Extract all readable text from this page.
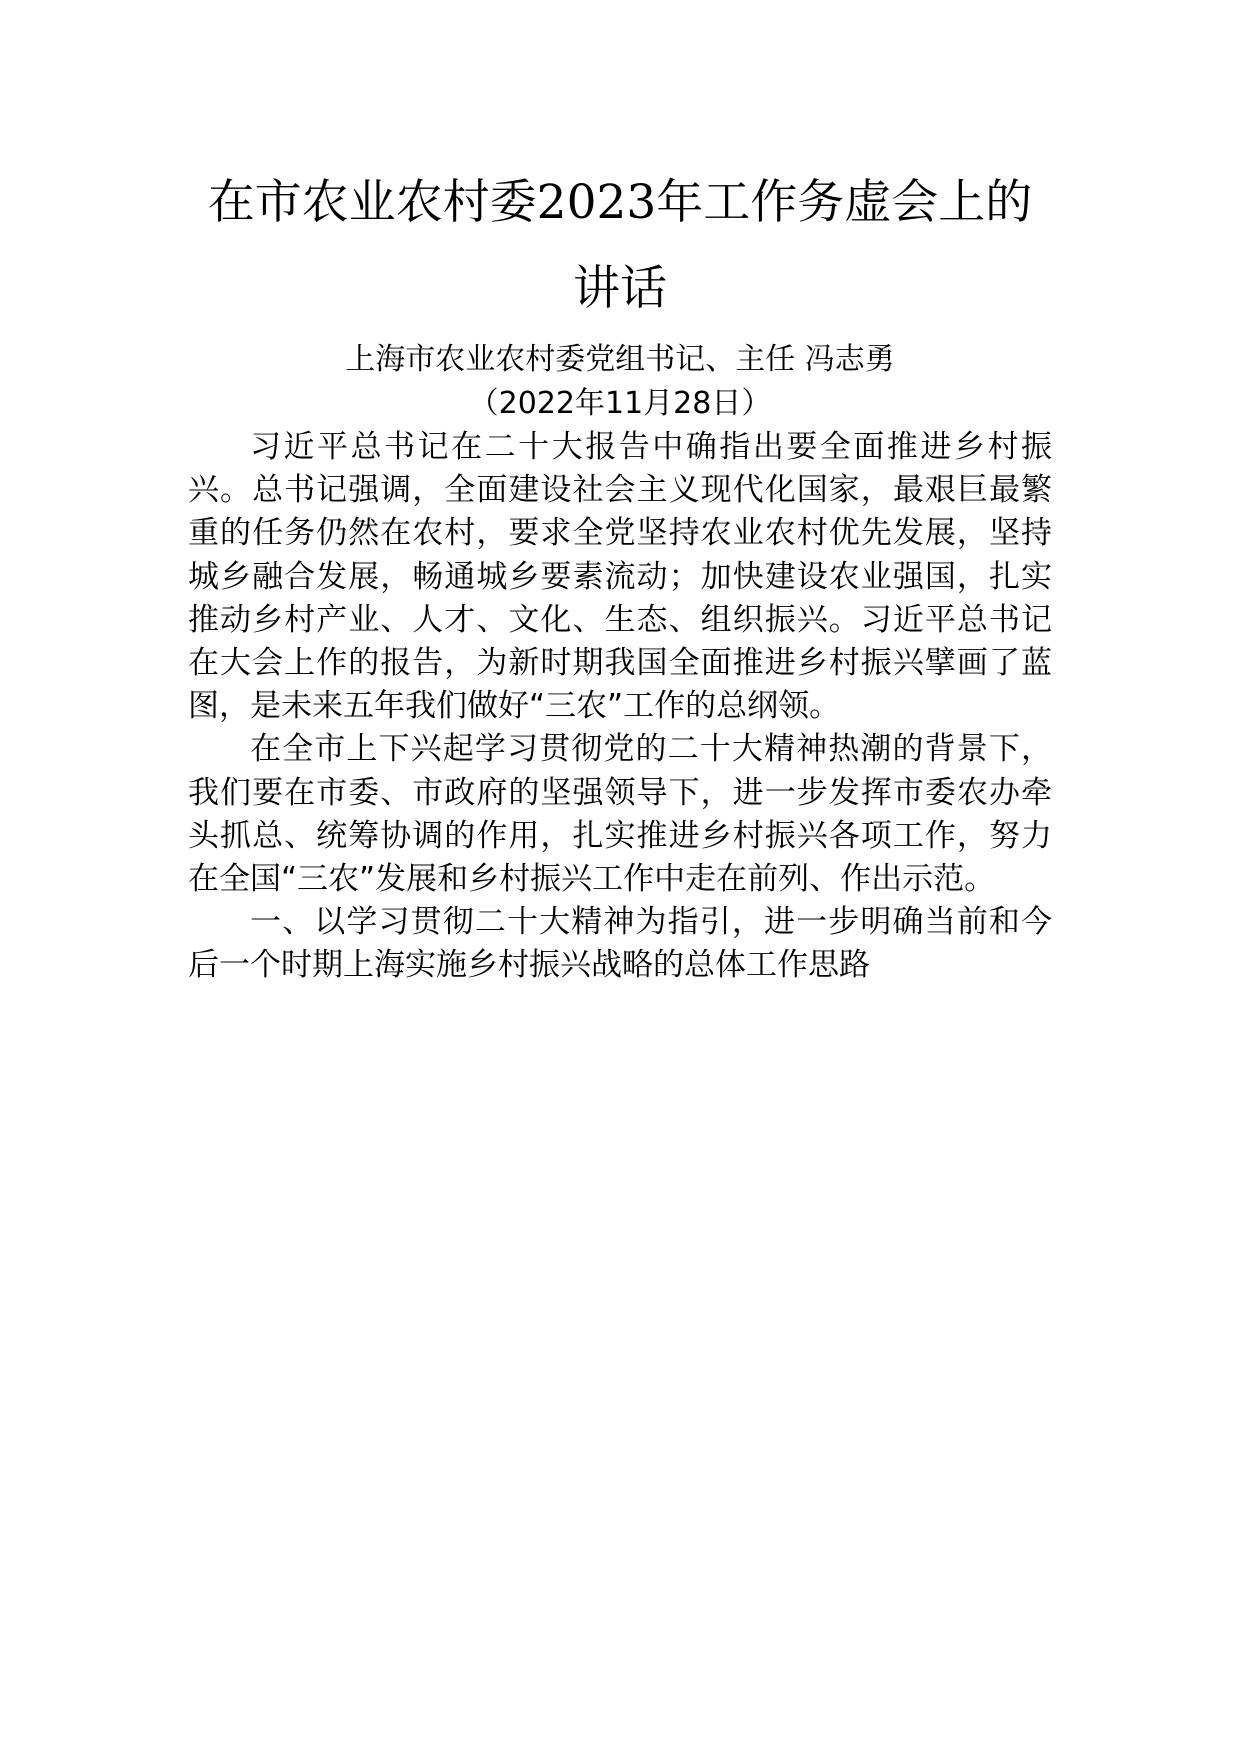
在市农业农村委2023年工作务虚会上的讲话

上海市农业农村委党组书记、主任 冯志勇

（2022年11月28日）

习近平总书记在二十大报告中确指出要全面推进乡村振兴。总书记强调，全面建设社会主义现代化国家，最艰巨最繁重的任务仍然在农村，要求全党坚持农业农村优先发展，坚持城乡融合发展，畅通城乡要素流动；加快建设农业强国，扎实推动乡村产业、人才、文化、生态、组织振兴。习近平总书记在大会上作的报告，为新时期我国全面推进乡村振兴擘画了蓝图，是未来五年我们做好“三农”工作的总纲领。

在全市上下兴起学习贯彻党的二十大精神热潮的背景下，我们要在市委、市政府的坚强领导下，进一步发挥市委农办牵头抓总、统筹协调的作用，扎实推进乡村振兴各项工作，努力在全国“三农”发展和乡村振兴工作中走在前列、作出示范。

一、以学习贯彻二十大精神为指引，进一步明确当前和今后一个时期上海实施乡村振兴战略的总体工作思路
